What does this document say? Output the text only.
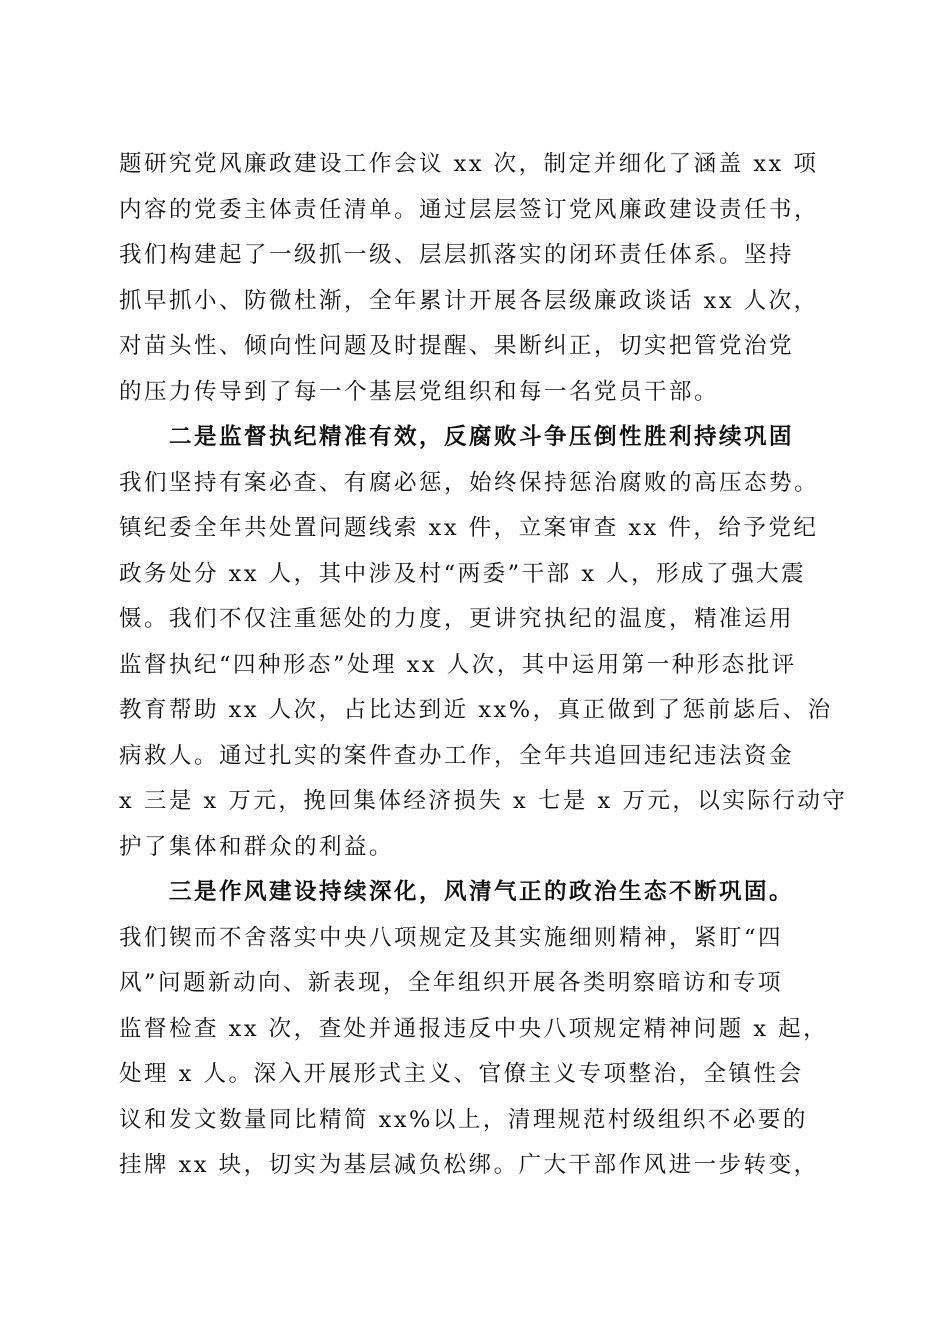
题研究党风廉政建设工作会议 xx 次，制定并细化了涵盖 xx 项
内容的党委主体责任清单。通过层层签订党风廉政建设责任书，
我们构建起了一级抓一级、层层抓落实的闭环责任体系。坚持
抓早抓小、防微杜渐，全年累计开展各层级廉政谈话 xx 人次，
对苗头性、倾向性问题及时提醒、果断纠正，切实把管党治党
的压力传导到了每一个基层党组织和每一名党员干部。
二是监督执纪精准有效，反腐败斗争压倒性胜利持续巩固
我们坚持有案必查、有腐必惩，始终保持惩治腐败的高压态势。
镇纪委全年共处置问题线索 xx 件，立案审查 xx 件，给予党纪
政务处分 xx 人，其中涉及村“两委”干部 x 人，形成了强大震
慑。我们不仅注重惩处的力度，更讲究执纪的温度，精准运用
监督执纪“四种形态”处理 xx 人次，其中运用第一种形态批评
教育帮助 xx 人次，占比达到近 xx%，真正做到了惩前毖后、治
病救人。通过扎实的案件查办工作，全年共追回违纪违法资金
x 三是 x 万元，挽回集体经济损失 x 七是 x 万元，以实际行动守
护了集体和群众的利益。
三是作风建设持续深化，风清气正的政治生态不断巩固。
我们锲而不舍落实中央八项规定及其实施细则精神，紧盯“四
风”问题新动向、新表现，全年组织开展各类明察暗访和专项
监督检查 xx 次，查处并通报违反中央八项规定精神问题 x 起，
处理 x 人。深入开展形式主义、官僚主义专项整治，全镇性会
议和发文数量同比精简 xx%以上，清理规范村级组织不必要的
挂牌 xx 块，切实为基层减负松绑。广大干部作风进一步转变，
